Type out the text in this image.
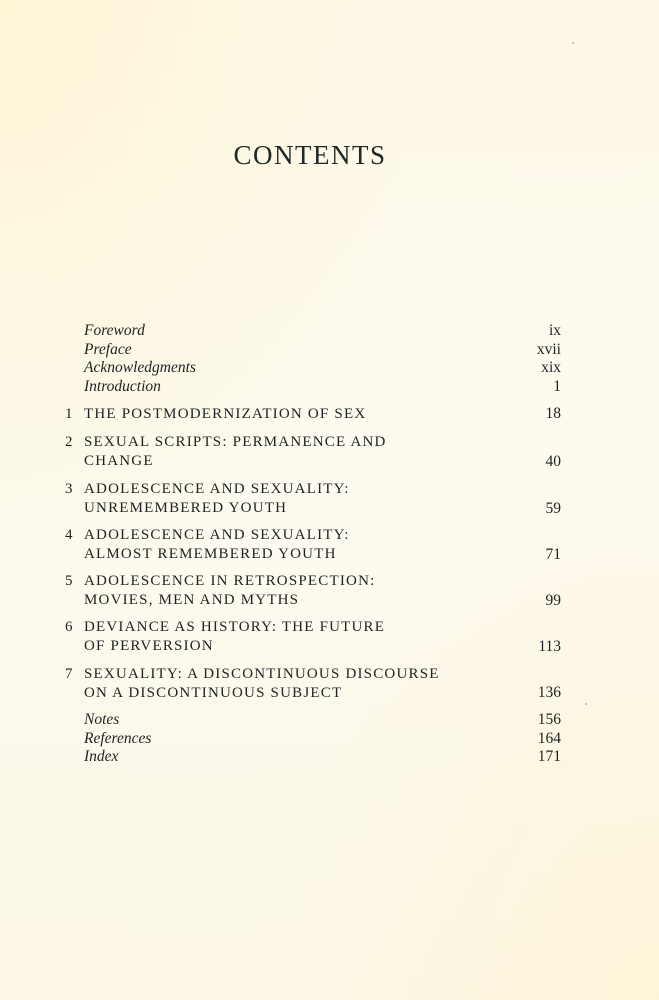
CONTENTS
Foreword	ix
Preface	xvii
Acknowledgments	xix
Introduction	1
1 THE POSTMODERNIZATION OF SEX	18
2 SEXUAL SCRIPTS: PERMANENCE AND
CHANGE	40
3 ADOLESCENCE AND SEXUALITY:
UNREMEMBERED YOUTH	59
4 ADOLESCENCE AND SEXUALITY:
ALMOST REMEMBERED YOUTH	71
5 ADOLESCENCE IN RETROSPECTION:
MOVIES, MEN AND MYTHS	99
6 DEVIANCE AS HISTORY: THE FUTURE
OF PERVERSION	113
7 SEXUALITY: A DISCONTINUOUS DISCOURSE
ON A DISCONTINUOUS SUBJECT	136
Notes	156
References	164
Index	171
